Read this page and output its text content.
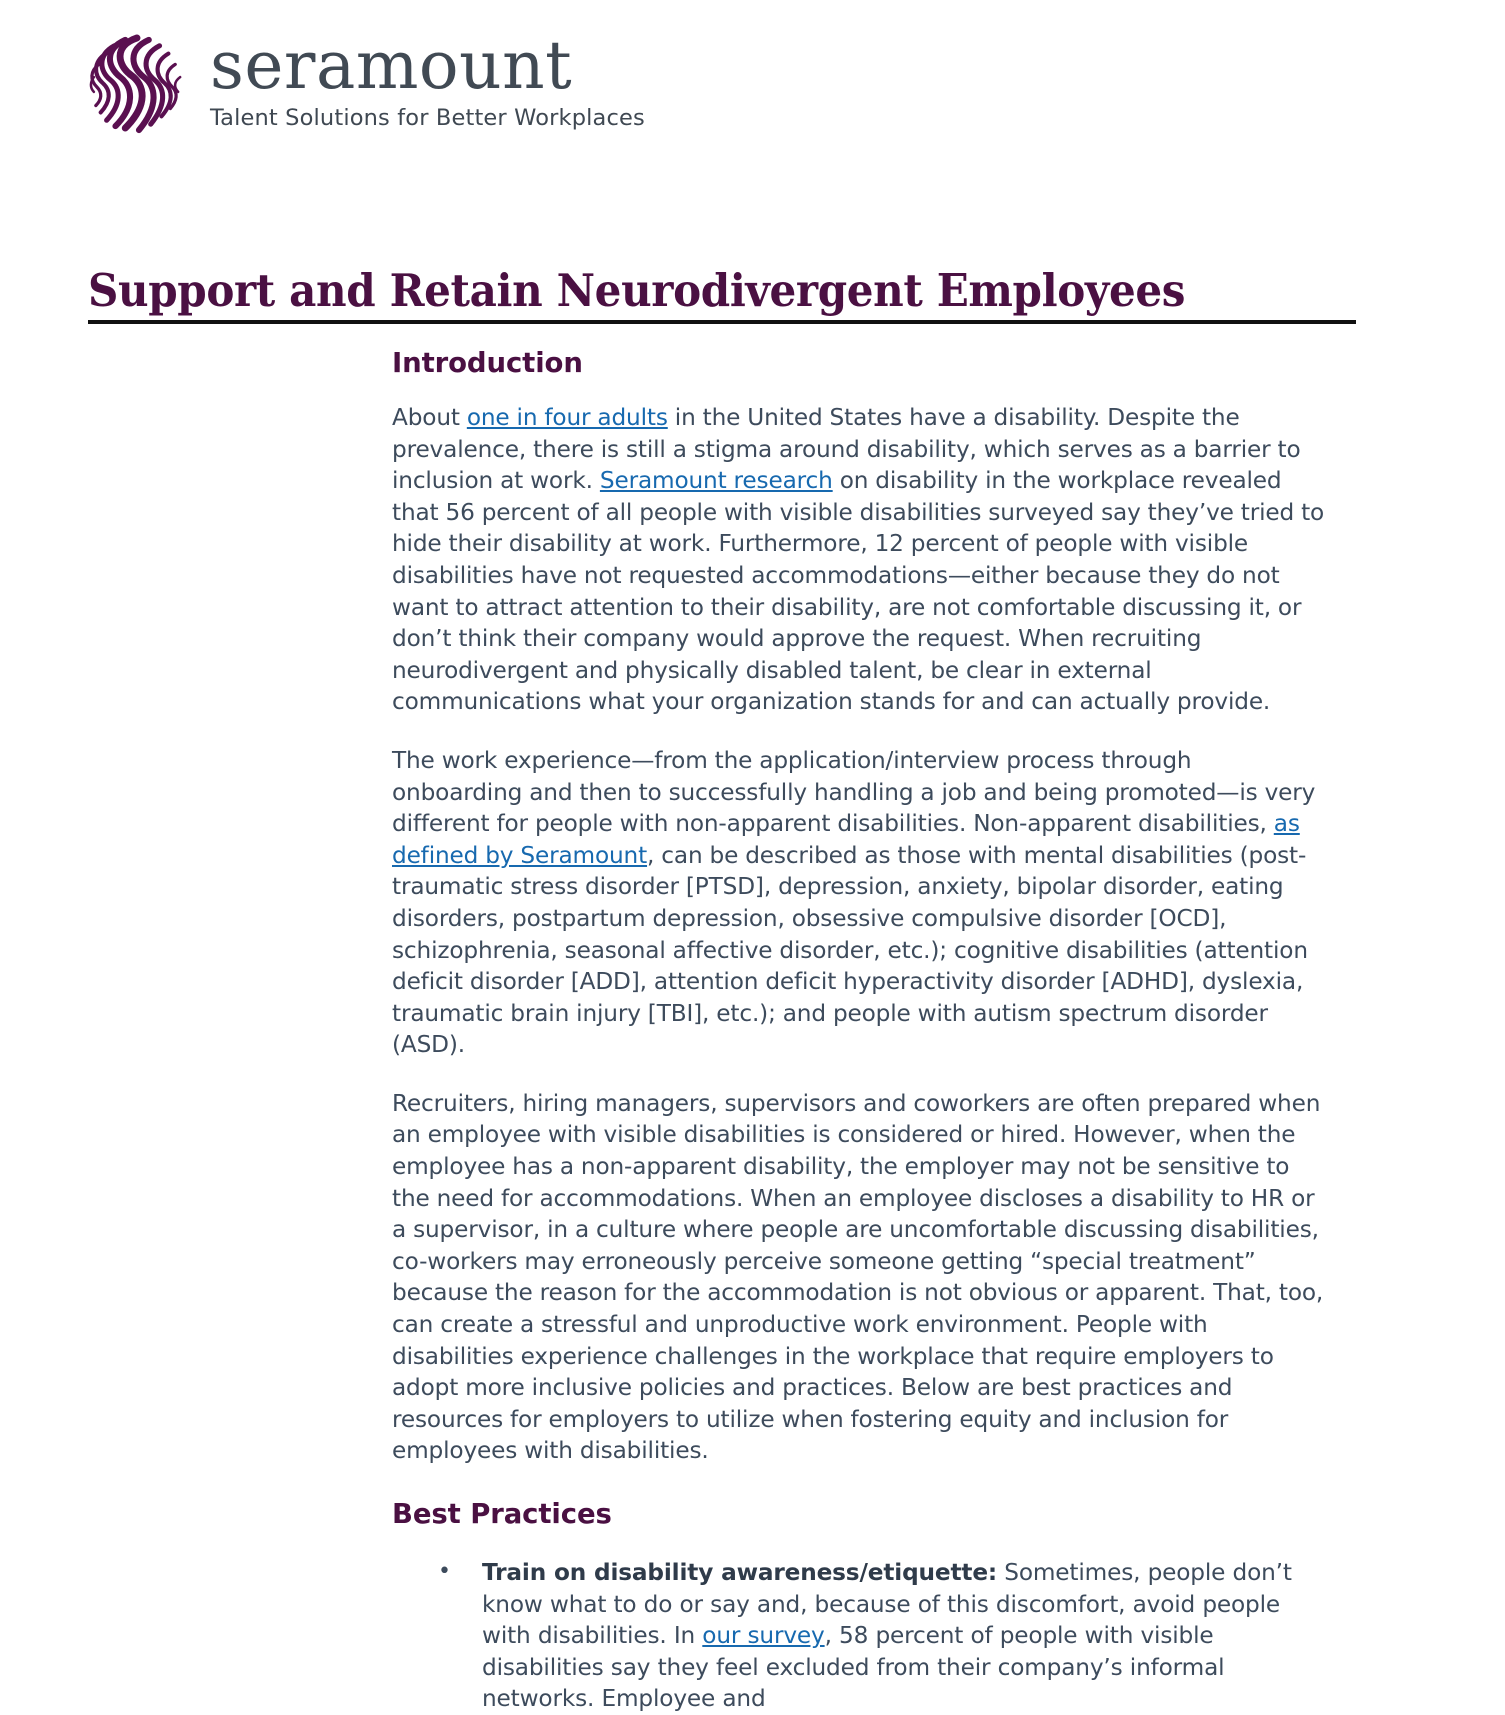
seramount
Talent Solutions for Better Workplaces
Support and Retain Neurodivergent Employees
Introduction

About one in four adults in the United States have a disability. Despite the prevalence, there is still a stigma around disability, which serves as a barrier to inclusion at work. Seramount research on disability in the workplace revealed that 56 percent of all people with visible disabilities surveyed say they’ve tried to hide their disability at work. Furthermore, 12 percent of people with visible disabilities have not requested accommodations—either because they do not want to attract attention to their disability, are not comfortable discussing it, or don’t think their company would approve the request. When recruiting neurodivergent and physically disabled talent, be clear in external communications what your organization stands for and can actually provide.

The work experience—from the application/interview process through onboarding and then to successfully handling a job and being promoted—is very different for people with non-apparent disabilities. Non-apparent disabilities, as defined by Seramount, can be described as those with mental disabilities (post-traumatic stress disorder [PTSD], depression, anxiety, bipolar disorder, eating disorders, postpartum depression, obsessive compulsive disorder [OCD], schizophrenia, seasonal affective disorder, etc.); cognitive disabilities (attention deficit disorder [ADD], attention deficit hyperactivity disorder [ADHD], dyslexia, traumatic brain injury [TBI], etc.); and people with autism spectrum disorder (ASD).

Recruiters, hiring managers, supervisors and coworkers are often prepared when an employee with visible disabilities is considered or hired. However, when the employee has a non-apparent disability, the employer may not be sensitive to the need for accommodations. When an employee discloses a disability to HR or a supervisor, in a culture where people are uncomfortable discussing disabilities, co-workers may erroneously perceive someone getting “special treatment” because the reason for the accommodation is not obvious or apparent. That, too, can create a stressful and unproductive work environment. People with disabilities experience challenges in the workplace that require employers to adopt more inclusive policies and practices. Below are best practices and resources for employers to utilize when fostering equity and inclusion for employees with disabilities.

Best Practices
• Train on disability awareness/etiquette: Sometimes, people don’t know what to do or say and, because of this discomfort, avoid people with disabilities. In our survey, 58 percent of people with visible disabilities say they feel excluded from their company’s informal networks. Employee and
